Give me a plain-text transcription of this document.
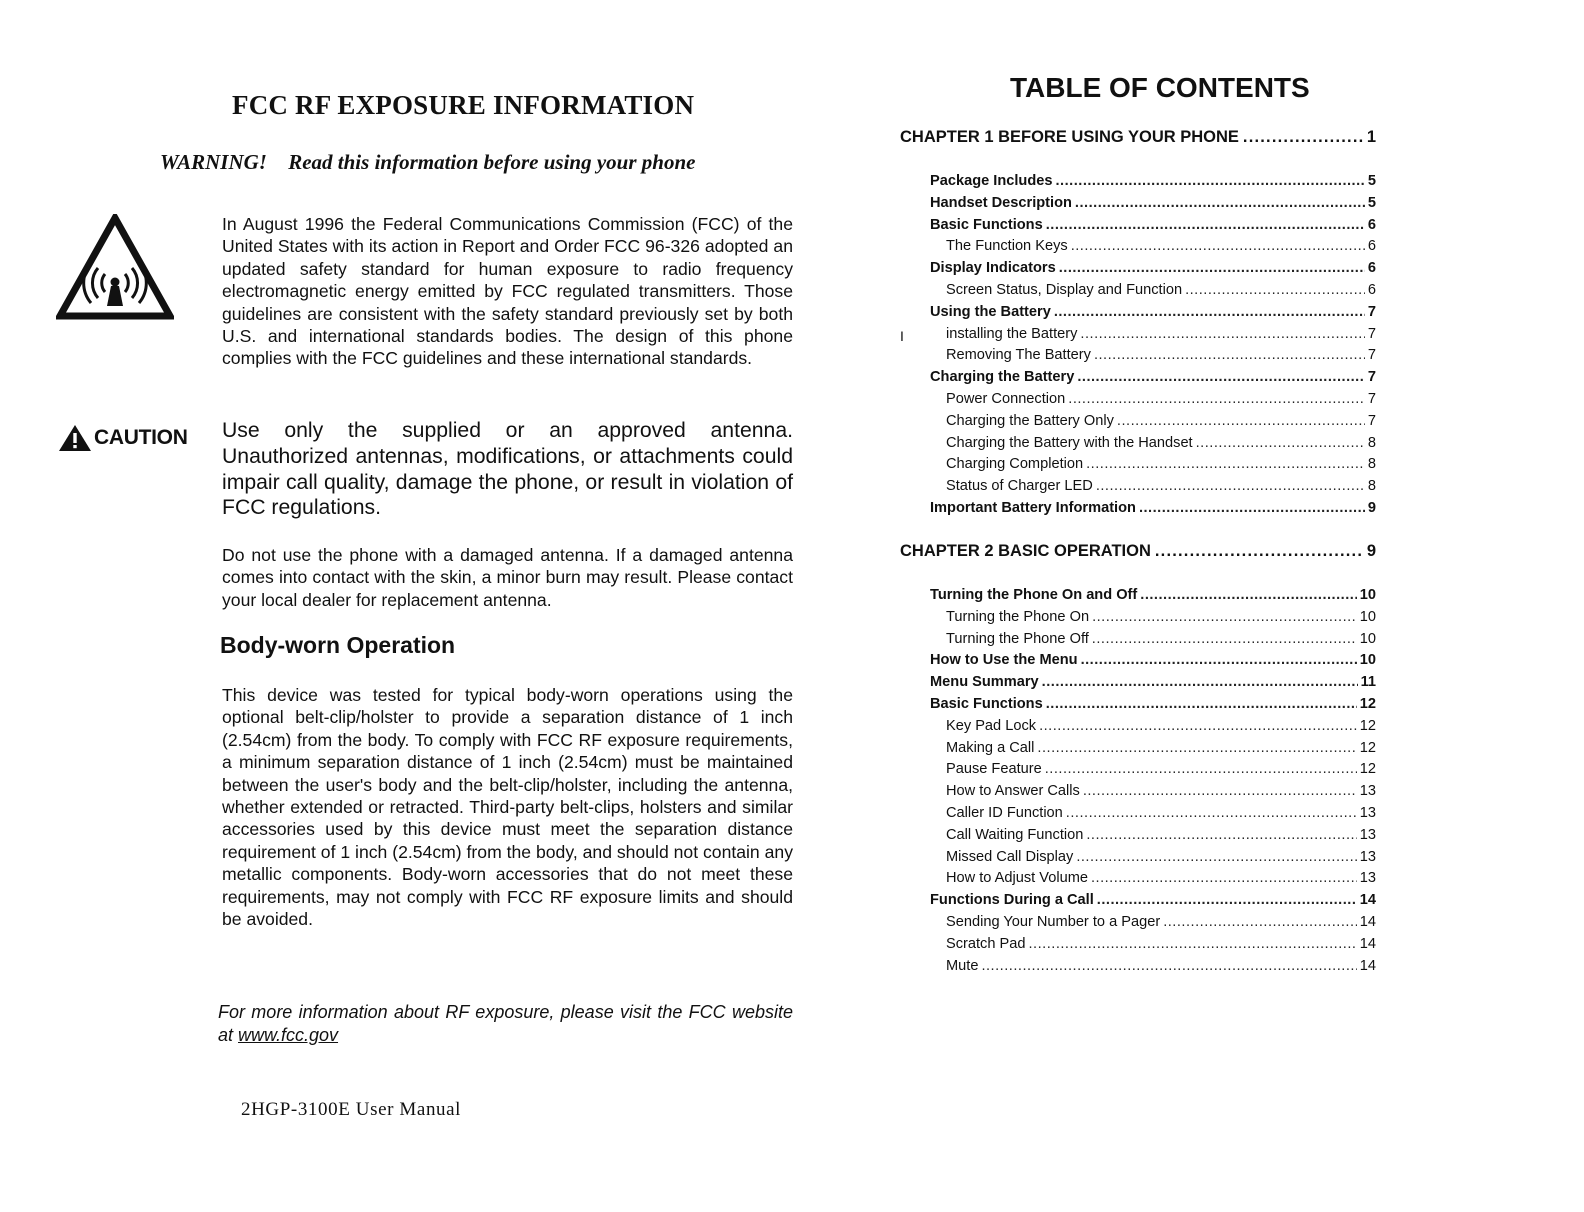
FCC RF EXPOSURE INFORMATION
WARNING! Read this information before using your phone

In August 1996 the Federal Communications Commission (FCC) of the United States with its action in Report and Order FCC 96-326 adopted an updated safety standard for human exposure to radio frequency electromagnetic energy emitted by FCC regulated transmitters. Those guidelines are consistent with the safety standard previously set by both U.S. and international standards bodies. The design of this phone complies with the FCC guidelines and these international standards.

CAUTION Use only the supplied or an approved antenna. Unauthorized antennas, modifications, or attachments could impair call quality, damage the phone, or result in violation of FCC regulations.

Do not use the phone with a damaged antenna. If a damaged antenna comes into contact with the skin, a minor burn may result. Please contact your local dealer for replacement antenna.

Body-worn Operation

This device was tested for typical body-worn operations using the optional belt-clip/holster to provide a separation distance of 1 inch (2.54cm) from the body. To comply with FCC RF exposure requirements, a minimum separation distance of 1 inch (2.54cm) must be maintained between the user's body and the belt-clip/holster, including the antenna, whether extended or retracted. Third-party belt-clips, holsters and similar accessories used by this device must meet the separation distance requirement of 1 inch (2.54cm) from the body, and should not contain any metallic components. Body-worn accessories that do not meet these requirements, may not comply with FCC RF exposure limits and should be avoided.

For more information about RF exposure, please visit the FCC website at www.fcc.gov

2HGP-3100E User Manual
TABLE OF CONTENTS
I
CHAPTER 1 BEFORE USING YOUR PHONE .....	1
Package Includes .....	5
Handset Description .....	5
Basic Functions .....	6
The Function Keys .....	6
Display Indicators .....	6
Screen Status, Display and Function .....	6
Using the Battery .....	7
installing the Battery .....	7
Removing The Battery .....	7
Charging the Battery .....	7
Power Connection .....	7
Charging the Battery Only .....	7
Charging the Battery with the Handset .....	8
Charging Completion .....	8
Status of Charger LED .....	8
Important Battery Information .....	9
CHAPTER 2 BASIC OPERATION .....	9
Turning the Phone On and Off .....	10
Turning the Phone On .....	10
Turning the Phone Off .....	10
How to Use the Menu .....	10
Menu Summary .....	11
Basic Functions .....	12
Key Pad Lock .....	12
Making a Call .....	12
Pause Feature .....	12
How to Answer Calls .....	13
Caller ID Function .....	13
Call Waiting Function .....	13
Missed Call Display .....	13
How to Adjust Volume .....	13
Functions During a Call .....	14
Sending Your Number to a Pager .....	14
Scratch Pad .....	14
Mute .....	14
